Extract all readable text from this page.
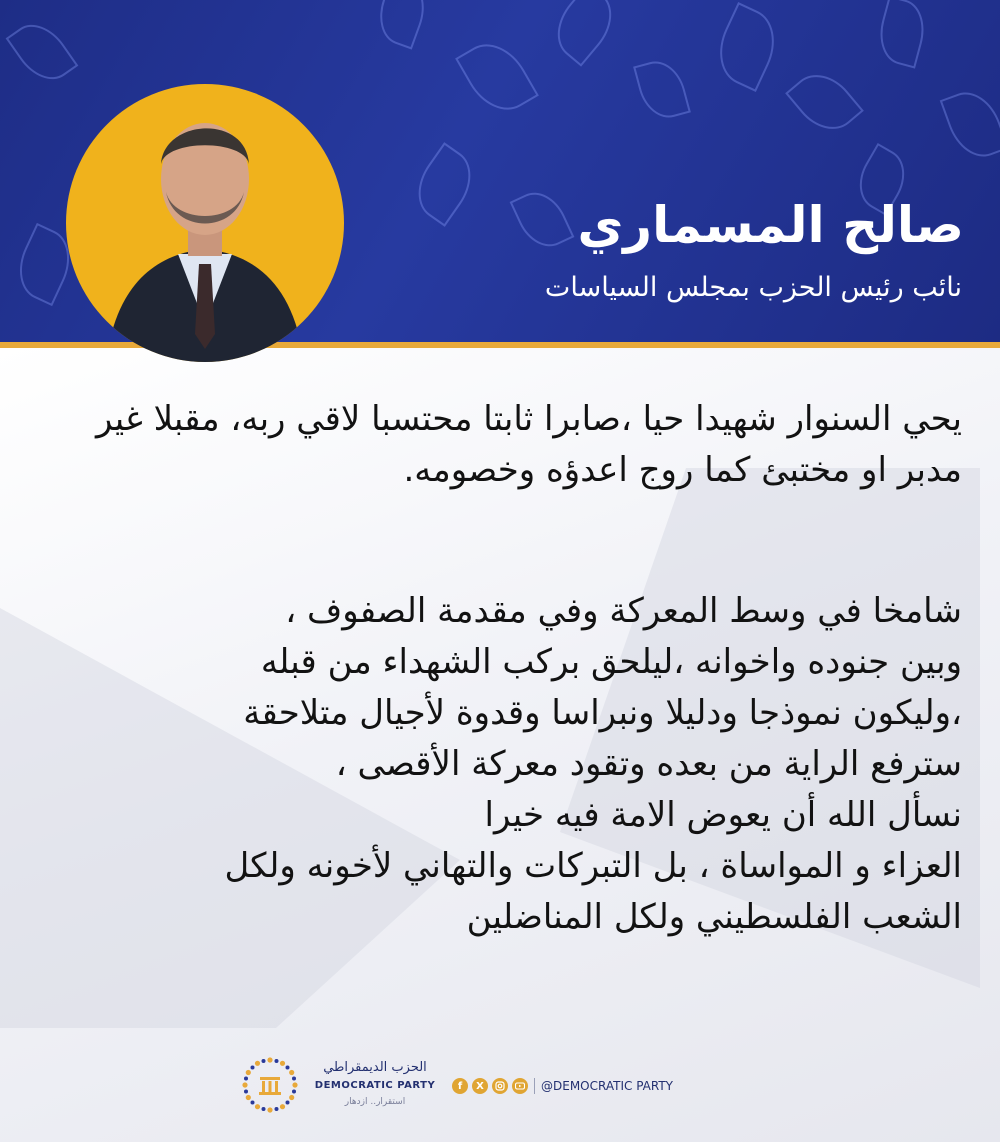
صالح المسماري

نائب رئيس الحزب بمجلس السياسات

يحي السنوار شهيدا حيا ،صابرا ثابتا محتسبا لاقي ربه، مقبلا غير مدبر او مختبئ كما روج اعدؤه وخصومه.
شامخا في وسط المعركة وفي مقدمة الصفوف ،
وبين جنوده واخوانه ،ليلحق بركب الشهداء من قبله
،وليكون نموذجا ودليلا ونبراسا وقدوة لأجيال متلاحقة
سترفع الراية من بعده وتقود معركة الأقصى ،
نسأل الله أن يعوض الامة فيه خيرا
العزاء و المواساة ، بل التبركات والتهاني لأخونه ولكل
الشعب الفلسطيني ولكل المناضلين
الحزب الديمقراطي
DEMOCRATIC PARTY
استقرار.. ازدهار
f	X	@DEMOCRATIC PARTY
